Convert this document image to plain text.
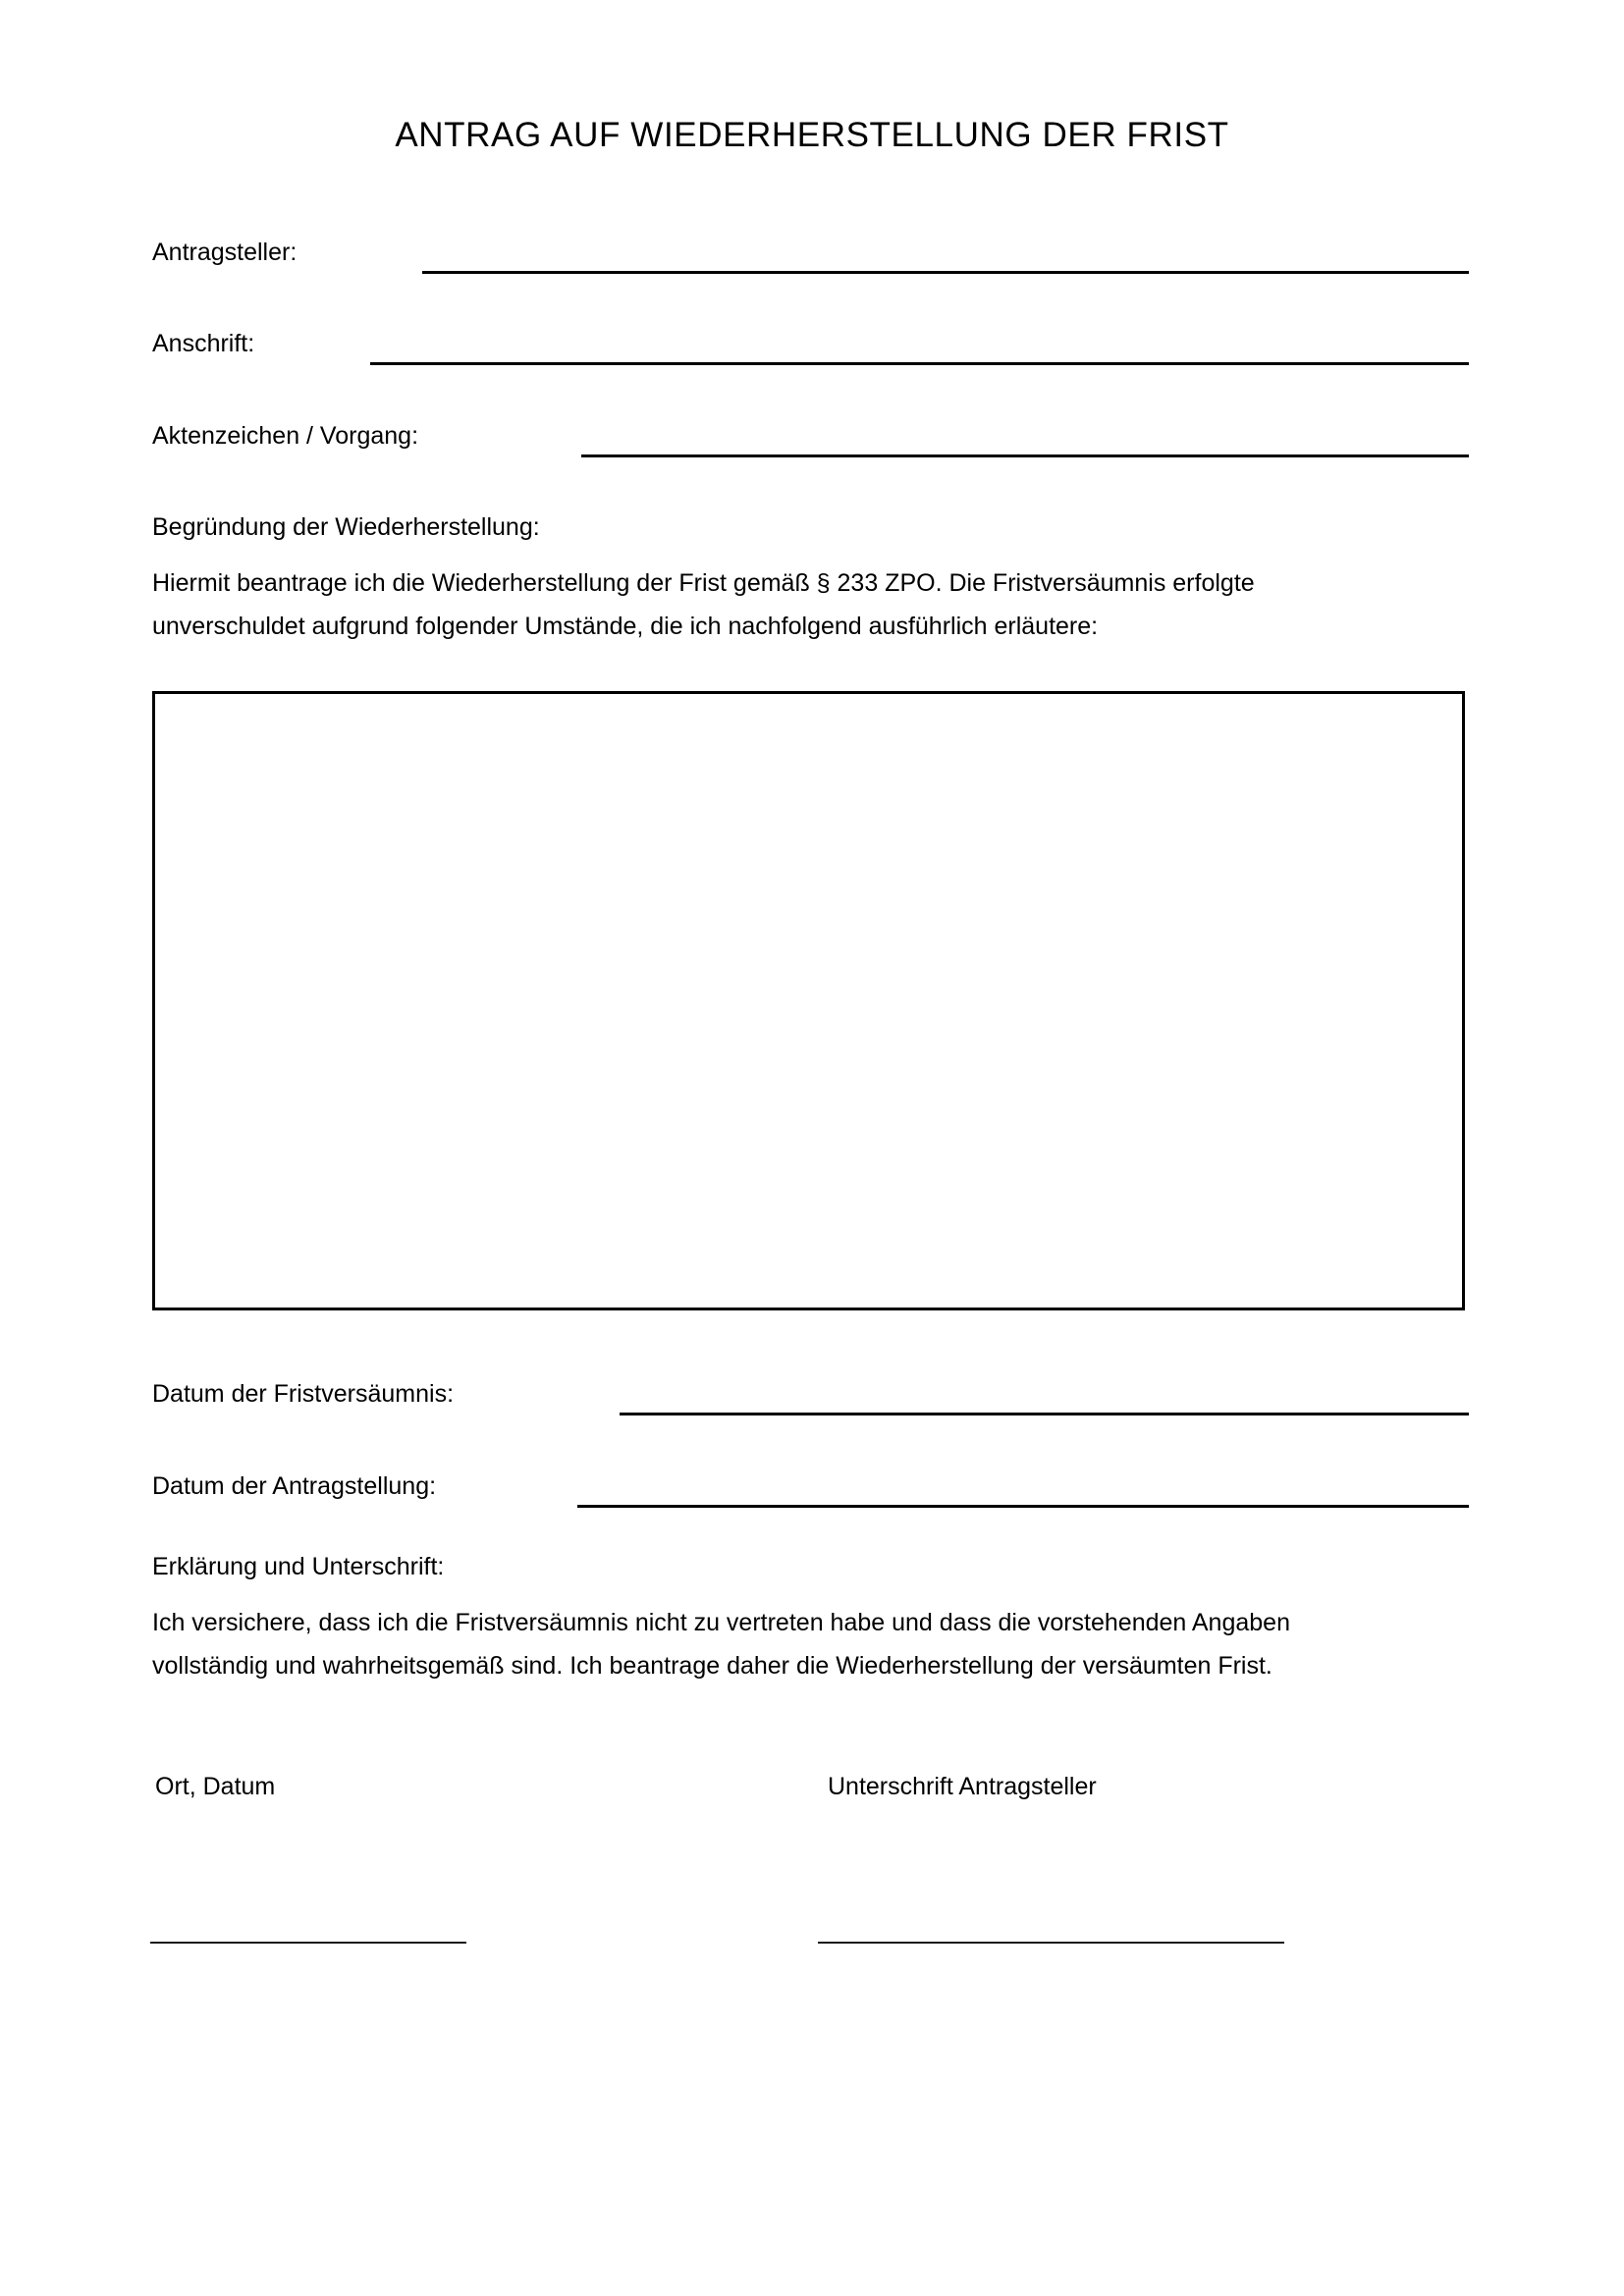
ANTRAG AUF WIEDERHERSTELLUNG DER FRIST
Antragsteller:
Anschrift:
Aktenzeichen / Vorgang:
Begründung der Wiederherstellung:
Hiermit beantrage ich die Wiederherstellung der Frist gemäß § 233 ZPO. Die Fristversäumnis erfolgte
unverschuldet aufgrund folgender Umstände, die ich nachfolgend ausführlich erläutere:
Datum der Fristversäumnis:
Datum der Antragstellung:
Erklärung und Unterschrift:
Ich versichere, dass ich die Fristversäumnis nicht zu vertreten habe und dass die vorstehenden Angaben
vollständig und wahrheitsgemäß sind. Ich beantrage daher die Wiederherstellung der versäumten Frist.
Ort, Datum	Unterschrift Antragsteller
